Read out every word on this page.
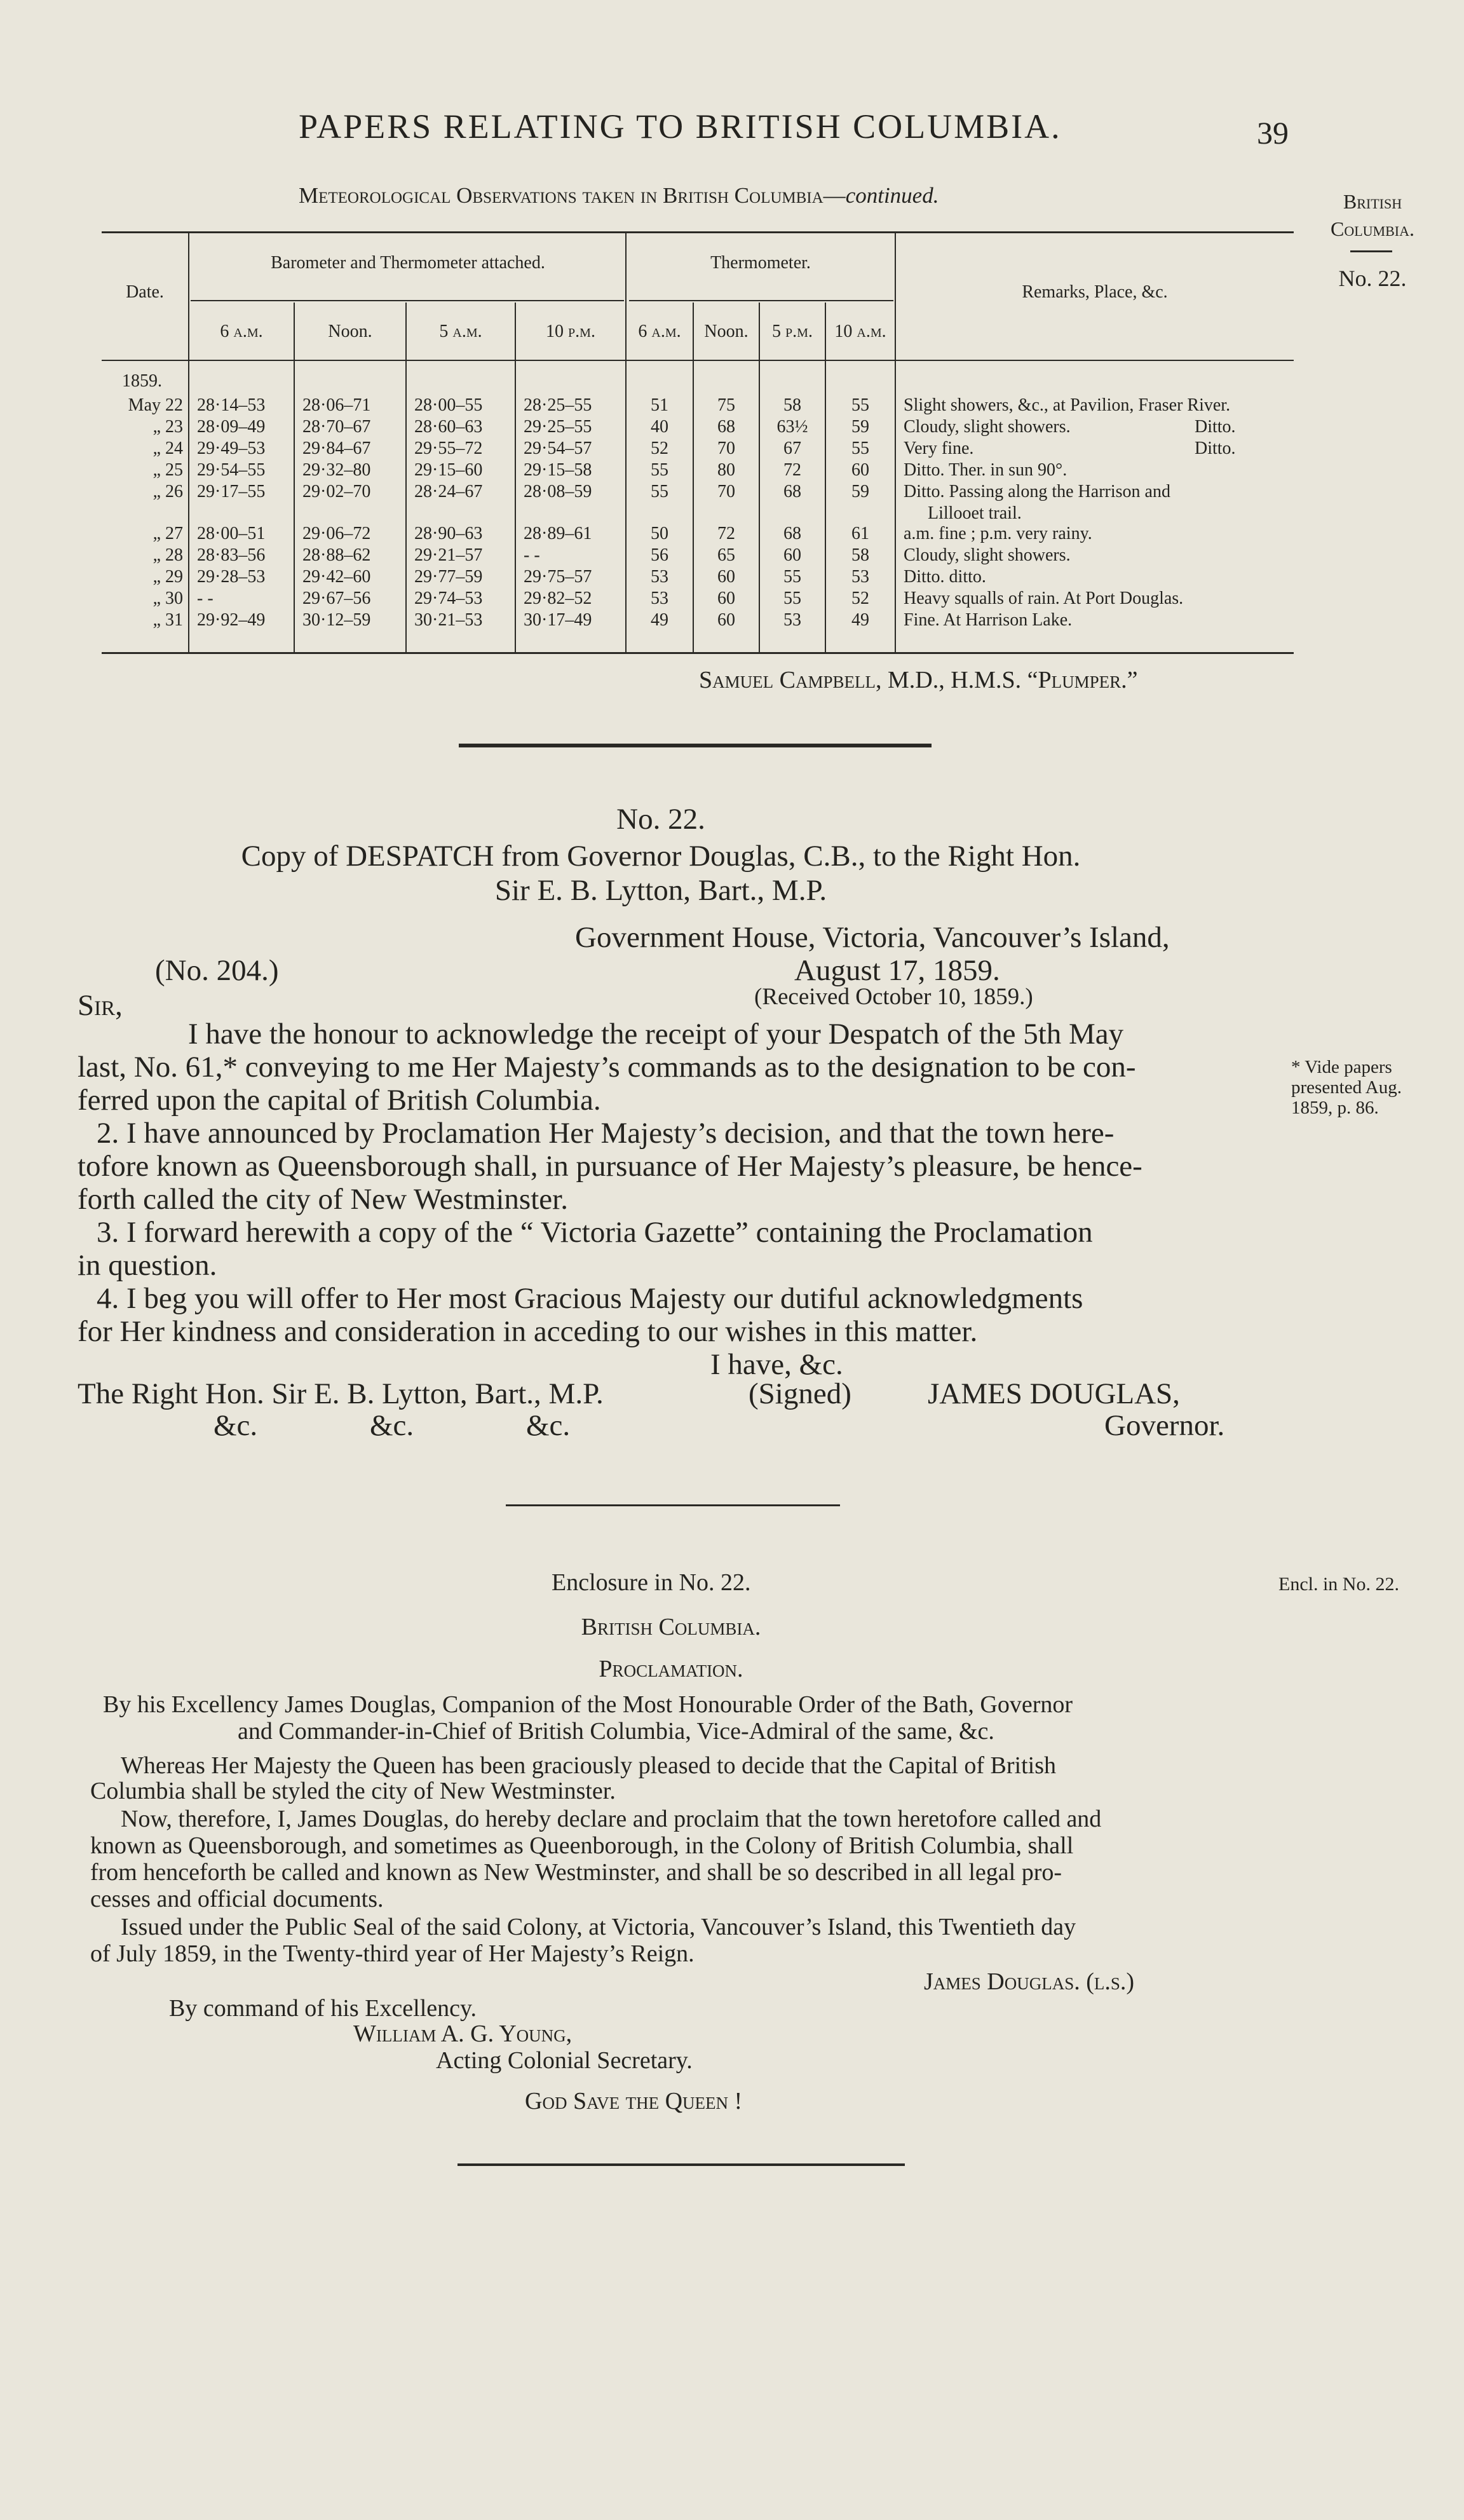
PAPERS RELATING TO BRITISH COLUMBIA.	39
British
Columbia.
No. 22.
Meteorological Observations taken in British Columbia—continued.
Barometer and Thermometer attached.	Thermometer.
Date.	Remarks, Place, &c.
6 a.m.	Noon.	5 a.m.	10 p.m.	6 a.m.	Noon.	5 p.m.	10 a.m.
1859.
May 22 28·14–53	28·06–71	28·00–55	28·25–55	51	75	58	55	Slight showers, &c., at Pavilion, Fraser River.
„ 23 28·09–49	28·70–67	28·60–63	29·25–55	40	68	63½	59	Cloudy, slight showers.	Ditto.
„ 24 29·49–53	29·84–67	29·55–72	29·54–57	52	70	67	55	Very fine.	Ditto.
„ 25 29·54–55	29·32–80	29·15–60	29·15–58	55	80	72	60	Ditto. Ther. in sun 90°.
„ 26 29·17–55	29·02–70	28·24–67	28·08–59	55	70	68	59	Ditto. Passing along the Harrison and
Lillooet trail.
„ 27 28·00–51	29·06–72	28·90–63	28·89–61	50	72	68	61	a.m. fine ; p.m. very rainy.
„ 28 28·83–56	28·88–62	29·21–57	- -	56	65	60	58	Cloudy, slight showers.
„ 29 29·28–53	29·42–60	29·77–59	29·75–57	53	60	55	53	Ditto. ditto.
„ 30 - -	29·67–56	29·74–53	29·82–52	53	60	55	52	Heavy squalls of rain. At Port Douglas.
„ 31 29·92–49	30·12–59	30·21–53	30·17–49	49	60	53	49	Fine. At Harrison Lake.
Samuel Campbell, M.D., H.M.S. “Plumper.”
No. 22.
Copy of DESPATCH from Governor Douglas, C.B., to the Right Hon.
Sir E. B. Lytton, Bart., M.P.
Government House, Victoria, Vancouver’s Island,
(No. 204.)	August 17, 1859.
Sir,	(Received October 10, 1859.)
I have the honour to acknowledge the receipt of your Despatch of the 5th May
last, No. 61,* conveying to me Her Majesty’s commands as to the designation to be con-
ferred upon the capital of British Columbia.
2. I have announced by Proclamation Her Majesty’s decision, and that the town here-
tofore known as Queensborough shall, in pursuance of Her Majesty’s pleasure, be hence-
forth called the city of New Westminster.
3. I forward herewith a copy of the “ Victoria Gazette” containing the Proclamation
in question.
4. I beg you will offer to Her most Gracious Majesty our dutiful acknowledgments
for Her kindness and consideration in acceding to our wishes in this matter.
I have, &c.
The Right Hon. Sir E. B. Lytton, Bart., M.P.	(Signed)	JAMES DOUGLAS,
&c.	&c.	&c.	Governor.
* Vide papers
presented Aug.
1859, p. 86.
Enclosure in No. 22.	Encl. in No. 22.
British Columbia.
Proclamation.
By his Excellency James Douglas, Companion of the Most Honourable Order of the Bath, Governor
and Commander-in-Chief of British Columbia, Vice-Admiral of the same, &c.
Whereas Her Majesty the Queen has been graciously pleased to decide that the Capital of British
Columbia shall be styled the city of New Westminster.
Now, therefore, I, James Douglas, do hereby declare and proclaim that the town heretofore called and
known as Queensborough, and sometimes as Queenborough, in the Colony of British Columbia, shall
from henceforth be called and known as New Westminster, and shall be so described in all legal pro-
cesses and official documents.
Issued under the Public Seal of the said Colony, at Victoria, Vancouver’s Island, this Twentieth day
of July 1859, in the Twenty-third year of Her Majesty’s Reign.
James Douglas. (l.s.)
By command of his Excellency.
William A. G. Young,
Acting Colonial Secretary.
God Save the Queen !
